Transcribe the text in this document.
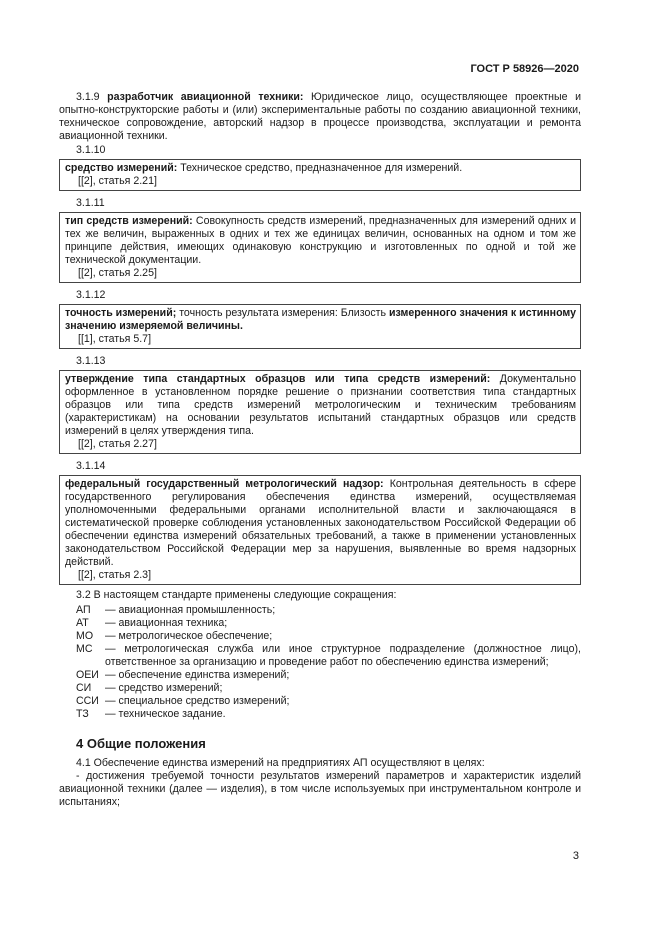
ГОСТ Р 58926—2020

3.1.9 разработчик авиационной техники: Юридическое лицо, осуществляющее проектные и опытно-конструкторские работы и (или) экспериментальные работы по созданию авиационной техники, техническое сопровождение, авторский надзор в процессе производства, эксплуатации и ремонта авиационной техники.

3.1.10

средство измерений: Техническое средство, предназначенное для измерений.

[[2], статья 2.21]

3.1.11

тип средств измерений: Совокупность средств измерений, предназначенных для измерений одних и тех же величин, выраженных в одних и тех же единицах величин, основанных на одном и том же принципе действия, имеющих одинаковую конструкцию и изготовленных по одной и той же технической документации.

[[2], статья 2.25]

3.1.12

точность измерений; точность результата измерения: Близость измеренного значения к истинному значению измеряемой величины.

[[1], статья 5.7]

3.1.13

утверждение типа стандартных образцов или типа средств измерений: Документально оформленное в установленном порядке решение о признании соответствия типа стандартных образцов или типа средств измерений метрологическим и техническим требованиям (характеристикам) на основании результатов испытаний стандартных образцов или средств измерений в целях утверждения типа.

[[2], статья 2.27]

3.1.14

федеральный государственный метрологический надзор: Контрольная деятельность в сфере государственного регулирования обеспечения единства измерений, осуществляемая уполномоченными федеральными органами исполнительной власти и заключающаяся в систематической проверке соблюдения установленных законодательством Российской Федерации об обеспечении единства измерений обязательных требований, а также в применении установленных законодательством Российской Федерации мер за нарушения, выявленные во время надзорных действий.

[[2], статья 2.3]

3.2 В настоящем стандарте применены следующие сокращения:
АП	— авиационная промышленность;
АТ	— авиационная техника;
МО	— метрологическое обеспечение;
МС	— метрологическая служба или иное структурное подразделение (должностное лицо), ответственное за организацию и проведение работ по обеспечению единства измерений;
ОЕИ — обеспечение единства измерений;
СИ	— средство измерений;
ССИ — специальное средство измерений;
ТЗ	— техническое задание.
4 Общие положения

4.1 Обеспечение единства измерений на предприятиях АП осуществляют в целях:

- достижения требуемой точности результатов измерений параметров и характеристик изделий авиационной техники (далее — изделия), в том числе используемых при инструментальном контроле и испытаниях;

3
